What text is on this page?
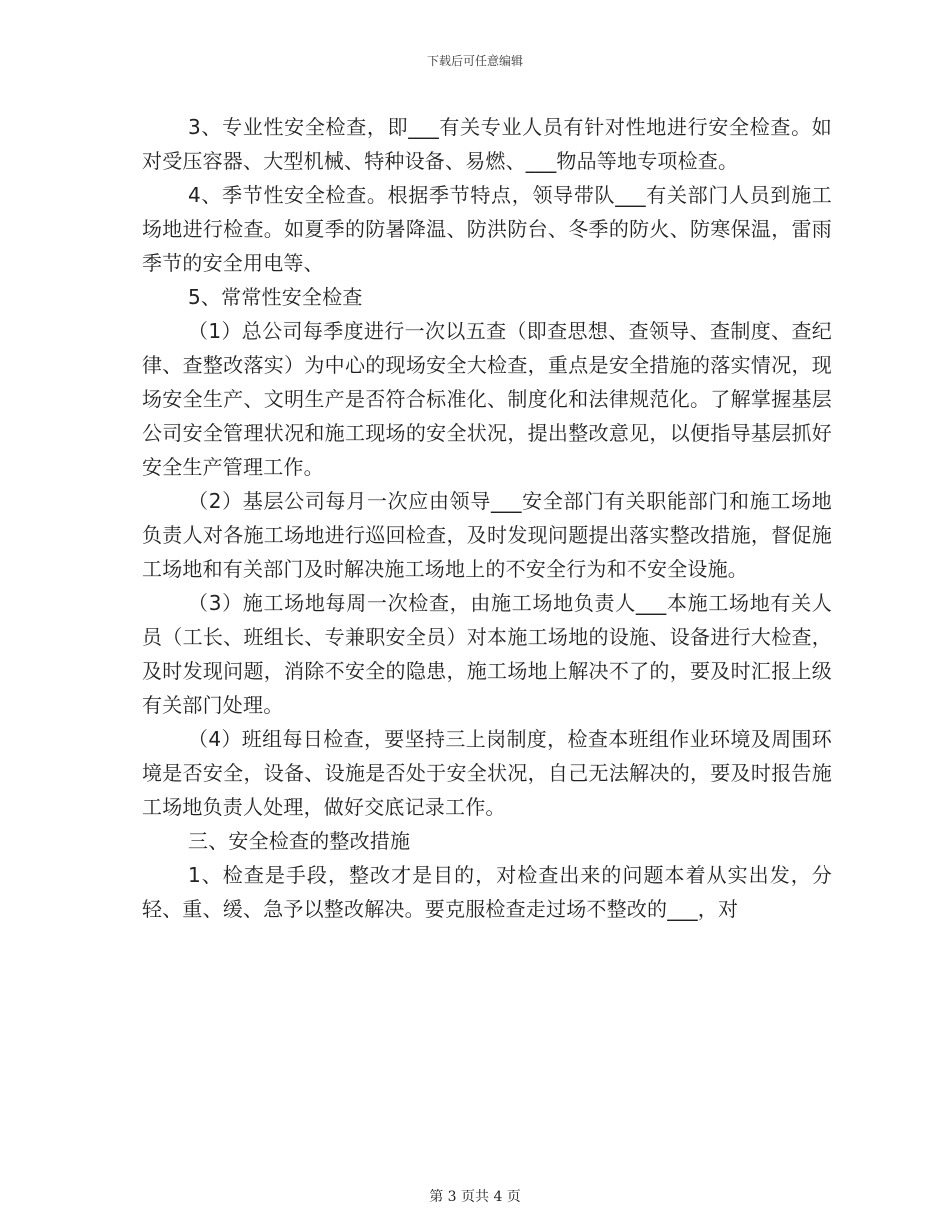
下载后可任意编辑

3、专业性安全检查，即___有关专业人员有针对性地进行安全检查。如对受压容器、大型机械、特种设备、易燃、___物品等地专项检查。

4、季节性安全检查。根据季节特点，领导带队___有关部门人员到施工场地进行检查。如夏季的防暑降温、防洪防台、冬季的防火、防寒保温，雷雨季节的安全用电等、

5、常常性安全检查

（1）总公司每季度进行一次以五查（即查思想、查领导、查制度、查纪律、查整改落实）为中心的现场安全大检查，重点是安全措施的落实情况，现场安全生产、文明生产是否符合标准化、制度化和法律规范化。了解掌握基层公司安全管理状况和施工现场的安全状况，提出整改意见，以便指导基层抓好安全生产管理工作。

（2）基层公司每月一次应由领导___安全部门有关职能部门和施工场地负责人对各施工场地进行巡回检查，及时发现问题提出落实整改措施，督促施工场地和有关部门及时解决施工场地上的不安全行为和不安全设施。

（3）施工场地每周一次检查，由施工场地负责人___本施工场地有关人员（工长、班组长、专兼职安全员）对本施工场地的设施、设备进行大检查，及时发现问题，消除不安全的隐患，施工场地上解决不了的，要及时汇报上级有关部门处理。

（4）班组每日检查，要坚持三上岗制度，检查本班组作业环境及周围环境是否安全，设备、设施是否处于安全状况，自己无法解决的，要及时报告施工场地负责人处理，做好交底记录工作。

三、安全检查的整改措施

1、检查是手段，整改才是目的，对检查出来的问题本着从实出发，分轻、重、缓、急予以整改解决。要克服检查走过场不整改的___，对

第 3 页共 4 页
